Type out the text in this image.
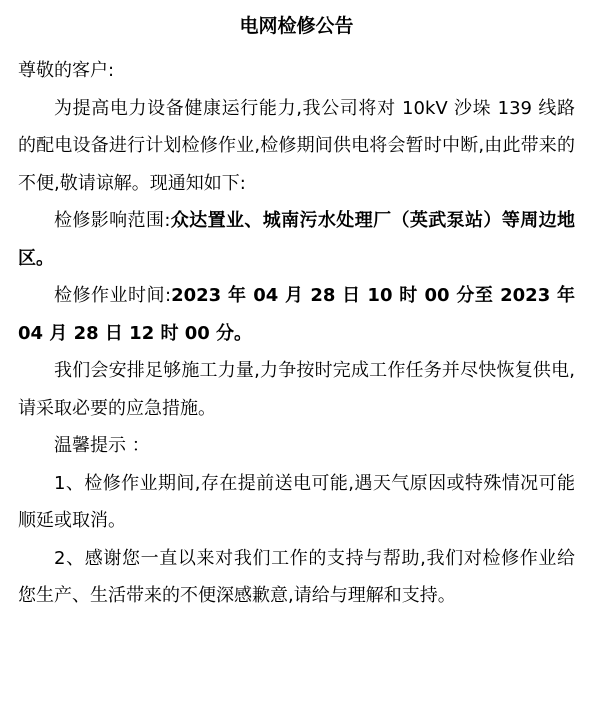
电网检修公告

尊敬的客户:

为提高电力设备健康运行能力,我公司将对 10kV 沙垛 139 线路的配电设备进行计划检修作业,检修期间供电将会暂时中断,由此带来的不便,敬请谅解。现通知如下:

检修影响范围:众达置业、城南污水处理厂（英武泵站）等周边地区。

检修作业时间:2023 年 04 月 28 日 10 时 00 分至 2023 年 04 月 28 日 12 时 00 分。

我们会安排足够施工力量,力争按时完成工作任务并尽快恢复供电,请采取必要的应急措施。

温馨提示 ：

1、检修作业期间,存在提前送电可能,遇天气原因或特殊情况可能顺延或取消。

2、感谢您一直以来对我们工作的支持与帮助,我们对检修作业给您生产、生活带来的不便深感歉意,请给与理解和支持。
